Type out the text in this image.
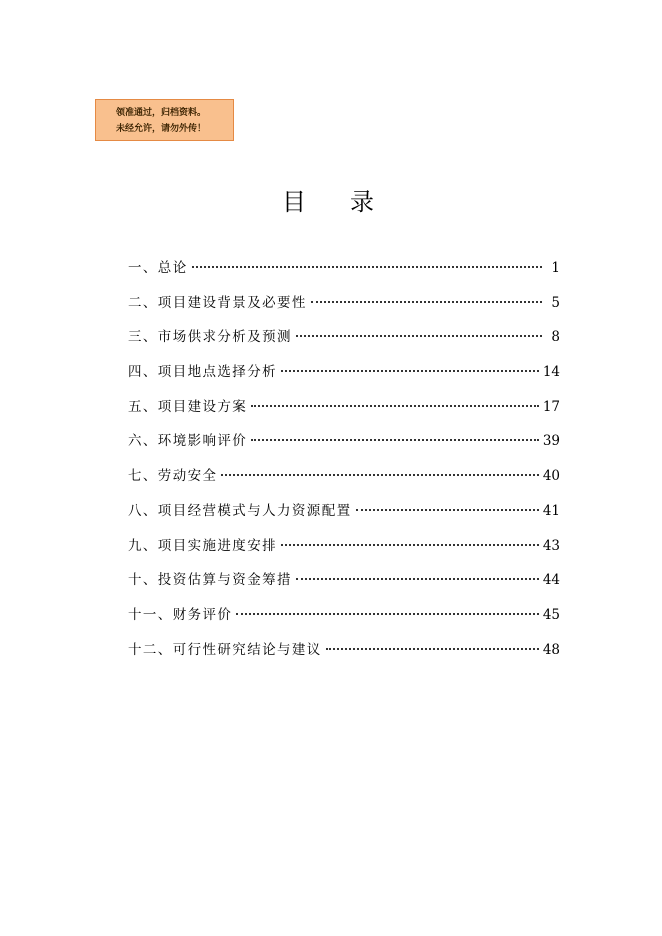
领准通过，归档资料。
未经允许，请勿外传！
目录
一、总论	1
二、项目建设背景及必要性	5
三、市场供求分析及预测	8
四、项目地点选择分析	14
五、项目建设方案	17
六、环境影响评价	39
七、劳动安全	40
八、项目经营模式与人力资源配置	41
九、项目实施进度安排	43
十、投资估算与资金筹措	44
十一、财务评价	45
十二、可行性研究结论与建议	48
